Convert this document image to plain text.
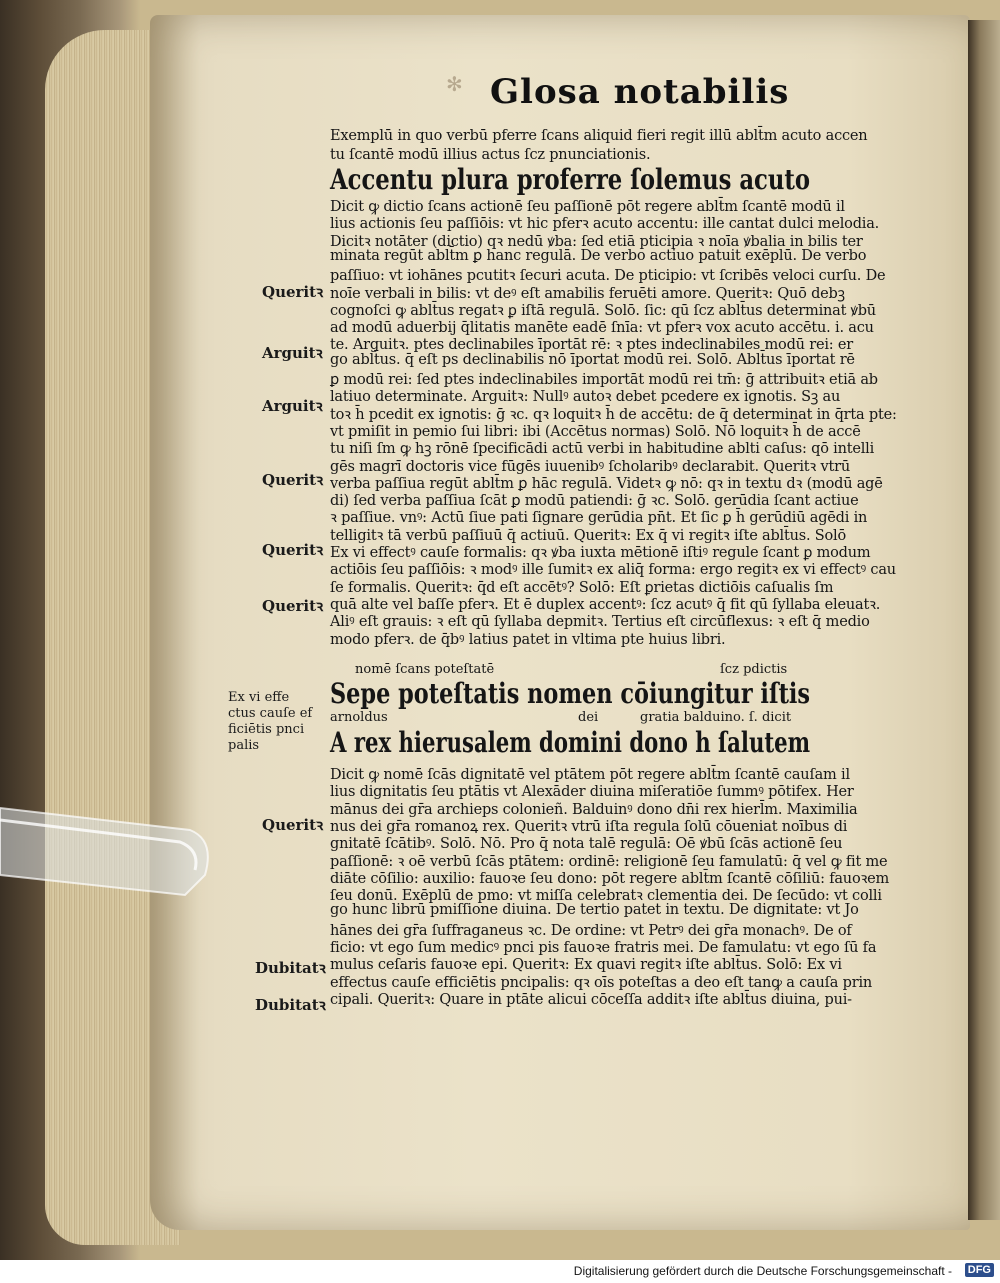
✻ Glosa notabilis
Exemplū in quo verbū pferre ſcans aliquid fieri regit illū ablt̄m acuto accen
tu ſcantē modū illius actus ſcz pnunciationis.
Accentu plura proferre ſolemus acuto
Dicit ꝙ dictio ſcans actionē ſeu paſſionē pōt regere ablt̄m ſcantē modū il
lius actionis ſeu paſſiōis: vt hic pferꝛ acuto accentu: ille cantat dulci melodia.
Dicitꝛ notāter (dictio) qꝛ nedū ꝟba: ſed etiā pticipia ꝛ noīa ꝟbalia in bilis ter
minata regūt ablt̄m ꝑ hanc regulā. De verbo actiuo patuit exēplū. De verbo
paſſiuo: vt iohānes pcutitꝛ ſecuri acuta. De pticipio: vt ſcribēs veloci curſu. De
noīe verbali in bilis: vt deꝰ eſt amabilis feruēti amore. Queritꝛ: Quō debꝫ
cognoſci ꝙ ablt̄us regatꝛ ꝑ iſtā regulā. Solō. ſic: qū ſcz ablt̄us determinat ꝟbū
ad modū aduerbij q̄litatis manēte eadē ſnīa: vt pferꝛ vox acuto accētu. i. acu
te. Arguitꝛ. ptes declinabiles īportāt rē: ꝛ ptes indeclinabiles modū rei: er
go ablt̄us. q̄ eſt ps declinabilis nō īportat modū rei. Solō. Ablt̄us īportat rē
ꝑ modū rei: ſed ptes indeclinabiles importāt modū rei tm̄: ḡ attribuitꝛ etiā ab
latiuo determinate. Arguitꝛ: Nullꝰ autoꝛ debet pcedere ex ignotis. Sꝫ au
toꝛ h̄ pcedit ex ignotis: ḡ ꝛc. qꝛ loquitꝛ h̄ de accētu: de q̄ determinat in q̄rta pte:
vt pmiſit in pemio ſui libri: ibi (Accētus normas) Solō. Nō loquitꝛ h̄ de accē
tu niſi ſm ꝙ hꝫ rōnē ſpecificādi actū verbi in habitudine ablti caſus: qō intelli
gēs magrī doctoris vice fūgēs iuuenibꝰ ſcholaribꝰ declarabit. Queritꝛ vtrū
verba paſſiua regūt ablt̄m ꝑ hāc regulā. Videtꝛ ꝙ nō: qꝛ in textu dꝛ (modū agē
di) ſed verba paſſiua ſcāt ꝑ modū patiendi: ḡ ꝛc. Solō. gerūdia ſcant actiue
ꝛ paſſiue. vnꝰ: Actū ſiue pati ſignare gerūdia pn̄t. Et ſic ꝑ h̄ gerūdiū agēdi in
telligitꝛ tā verbū paſſiuū q̄ actiuū. Queritꝛ: Ex q̄ vi regitꝛ iſte ablt̄us. Solō
Ex vi effectꝰ cauſe formalis: qꝛ ꝟba iuxta mētionē iſtiꝰ regule ſcant ꝑ modum
actiōis ſeu paſſiōis: ꝛ modꝰ ille ſumitꝛ ex aliq̄ forma: ergo regitꝛ ex vi effectꝰ cau
ſe formalis. Queritꝛ: q̄d eſt accētꝰ? Solō: Eſt ꝑrietas dictiōis caſualis ſm
quā alte vel baſſe pferꝛ. Et ē duplex accentꝰ: ſcz acutꝰ q̄ fit qū ſyllaba eleuatꝛ.
Aliꝰ eſt grauis: ꝛ eſt qū ſyllaba depmitꝛ. Tertius eſt circūflexus: ꝛ eſt q̄ medio
modo pferꝛ. de q̄bꝰ latius patet in vltima pte huius libri.
nomē ſcans poteſtatē	ſcz pdictis
Sepe poteſtatis nomen cōiungitur iſtis
arnoldus	dei	gratia balduino. ſ. dicit
A rex hierusalem domini dono h ſalutem
Dicit ꝙ nomē ſcās dignitatē vel ptātem pōt regere ablt̄m ſcantē cauſam il
lius dignitatis ſeu ptātis vt Alexāder diuina miſeratiōe ſummꝰ pōtifex. Her
mānus dei gr̄a archieps colonieñ. Balduinꝰ dono dn̄i rex hierl̄m. Maximilia
nus dei gr̄a romanoꝝ rex. Queritꝛ vtrū iſta regula ſolū cōueniat noībus di
gnitatē ſcātibꝰ. Solō. Nō. Pro q̄ nota talē regulā: Oē ꝟbū ſcās actionē ſeu
paſſionē: ꝛ oē verbū ſcās ptātem: ordinē: religionē ſeu famulatū: q̄ vel ꝙ fit me
diāte cōſilio: auxilio: fauoꝛe ſeu dono: pōt regere ablt̄m ſcantē cōſiliū: fauoꝛem
ſeu donū. Exēplū de pmo: vt miſſa celebratꝛ clementia dei. De ſecūdo: vt colli
go hunc librū pmiſſione diuina. De tertio patet in textu. De dignitate: vt Jo
hānes dei gr̄a ſuffraganeus ꝛc. De ordine: vt Petrꝰ dei gr̄a monachꝰ. De of
ficio: vt ego ſum medicꝰ pnci pis fauoꝛe fratris mei. De famulatu: vt ego ſū fa
mulus ceſaris fauoꝛe epi. Queritꝛ: Ex quavi regitꝛ iſte ablt̄us. Solō: Ex vi
effectus cauſe efficiētis pncipalis: qꝛ oīs poteſtas a deo eſt tanꝙ a cauſa prin
cipali. Queritꝛ: Quare in ptāte alicui cōceſſa additꝛ iſte ablt̄us diuina, pui-
Queritꝛ
Arguitꝛ
Arguitꝛ
Queritꝛ
Queritꝛ
Queritꝛ
Queritꝛ
Dubitatꝛ
Dubitatꝛ
Ex vi effe
ctus cauſe ef
ficiētis pnci
palis
Digitalisierung gefördert durch die Deutsche Forschungsgemeinschaft - DFG
